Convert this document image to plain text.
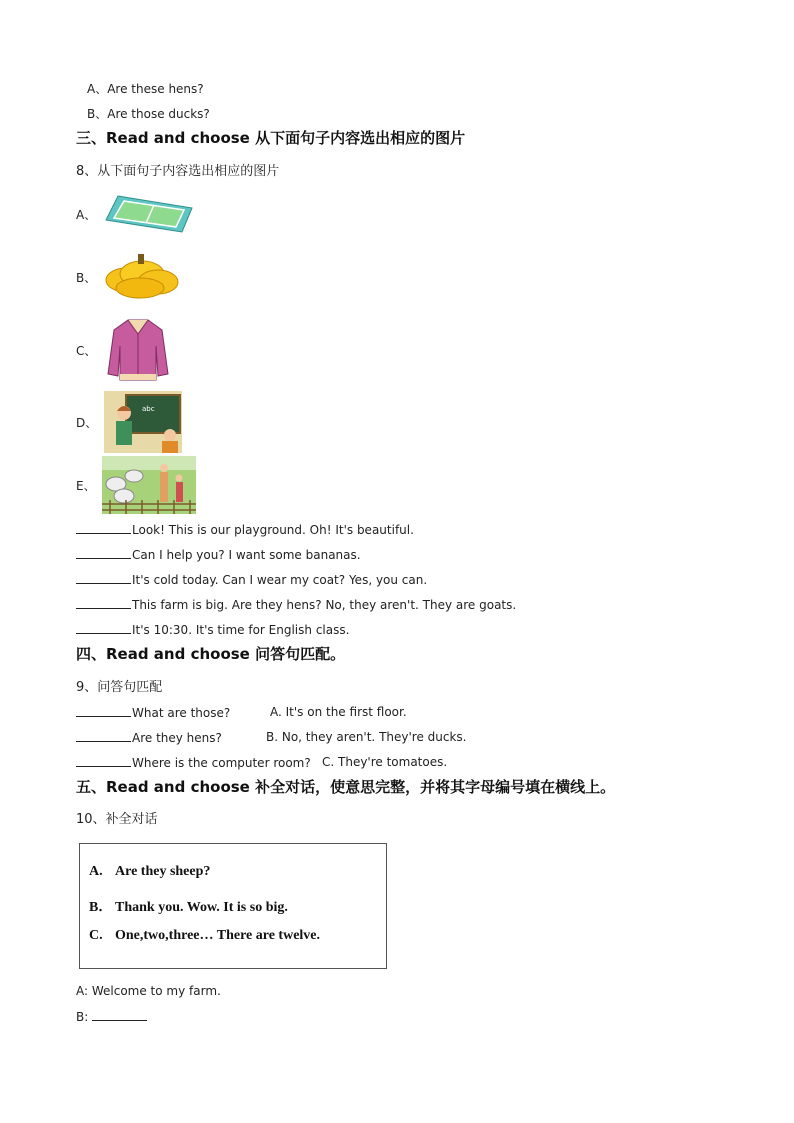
A、Are these hens?
B、Are those ducks?
三、Read and choose 从下面句子内容选出相应的图片
8、从下面句子内容选出相应的图片
A、
B、
C、
D、
abc
E、
Look! This is our playground. Oh! It's beautiful.
Can I help you? I want some bananas.
It's cold today. Can I wear my coat? Yes, you can.
This farm is big. Are they hens? No, they aren't. They are goats.
It's 10:30. It's time for English class.
四、Read and choose 问答句匹配。
9、问答句匹配
What are those?	A. It's on the first floor.
Are they hens?	B. No, they aren't. They're ducks.
Where is the computer room? C. They're tomatoes.
五、Read and choose 补全对话，使意思完整，并将其字母编号填在横线上。
10、补全对话
A. Are they sheep?
B． Thank you. Wow. It is so big.
C. One,two,three… There are twelve.
A: Welcome to my farm.
B:
